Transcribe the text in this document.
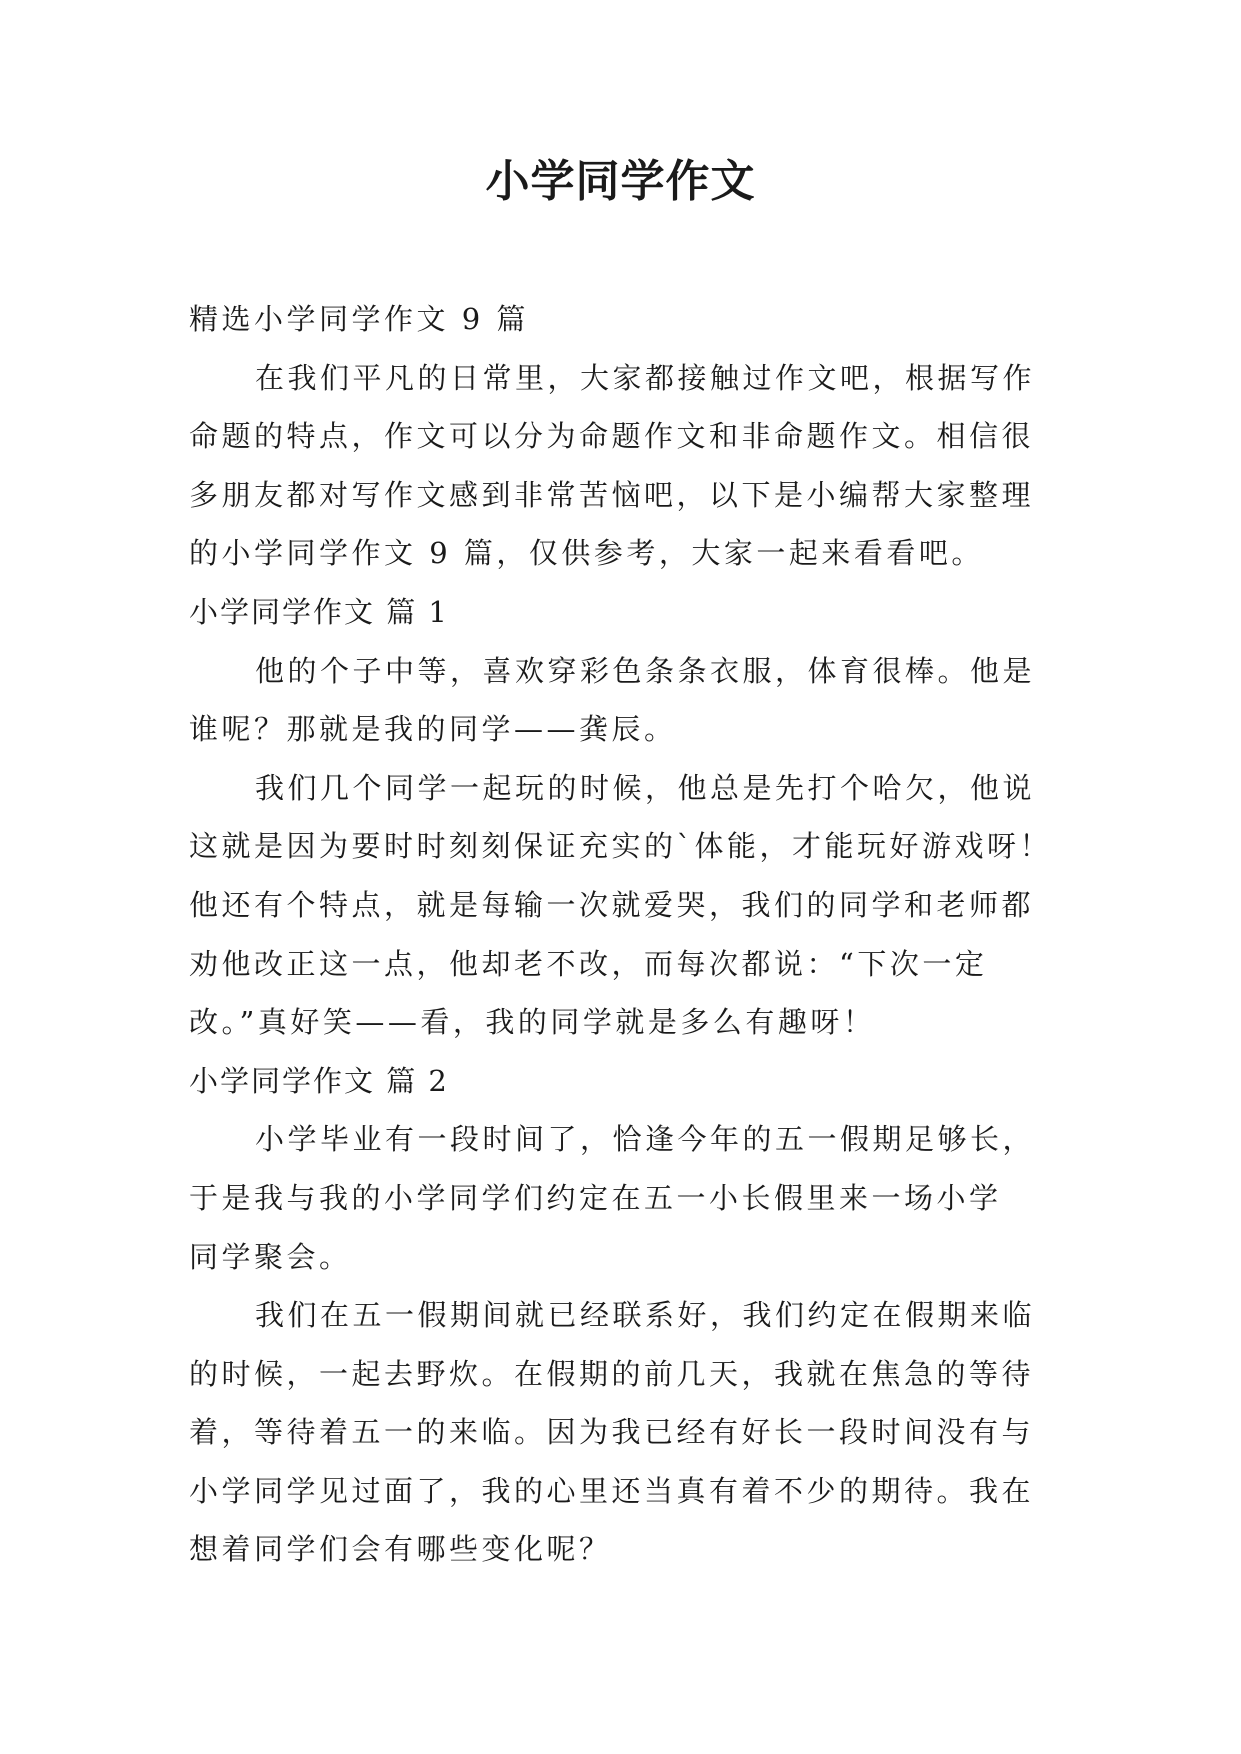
小学同学作文
精选小学同学作文 9 篇
在我们平凡的日常里，大家都接触过作文吧，根据写作
命题的特点，作文可以分为命题作文和非命题作文。相信很
多朋友都对写作文感到非常苦恼吧，以下是小编帮大家整理
的小学同学作文 9 篇，仅供参考，大家一起来看看吧。
小学同学作文 篇 1
他的个子中等，喜欢穿彩色条条衣服，体育很棒。他是
谁呢？那就是我的同学——龚辰。
我们几个同学一起玩的时候，他总是先打个哈欠，他说
这就是因为要时时刻刻保证充实的`体能，才能玩好游戏呀！
他还有个特点，就是每输一次就爱哭，我们的同学和老师都
劝他改正这一点，他却老不改，而每次都说：“下次一定
改。”真好笑——看，我的同学就是多么有趣呀！
小学同学作文 篇 2
小学毕业有一段时间了，恰逢今年的五一假期足够长，
于是我与我的小学同学们约定在五一小长假里来一场小学
同学聚会。
我们在五一假期间就已经联系好，我们约定在假期来临
的时候，一起去野炊。在假期的前几天，我就在焦急的等待
着，等待着五一的来临。因为我已经有好长一段时间没有与
小学同学见过面了，我的心里还当真有着不少的期待。我在
想着同学们会有哪些变化呢？
